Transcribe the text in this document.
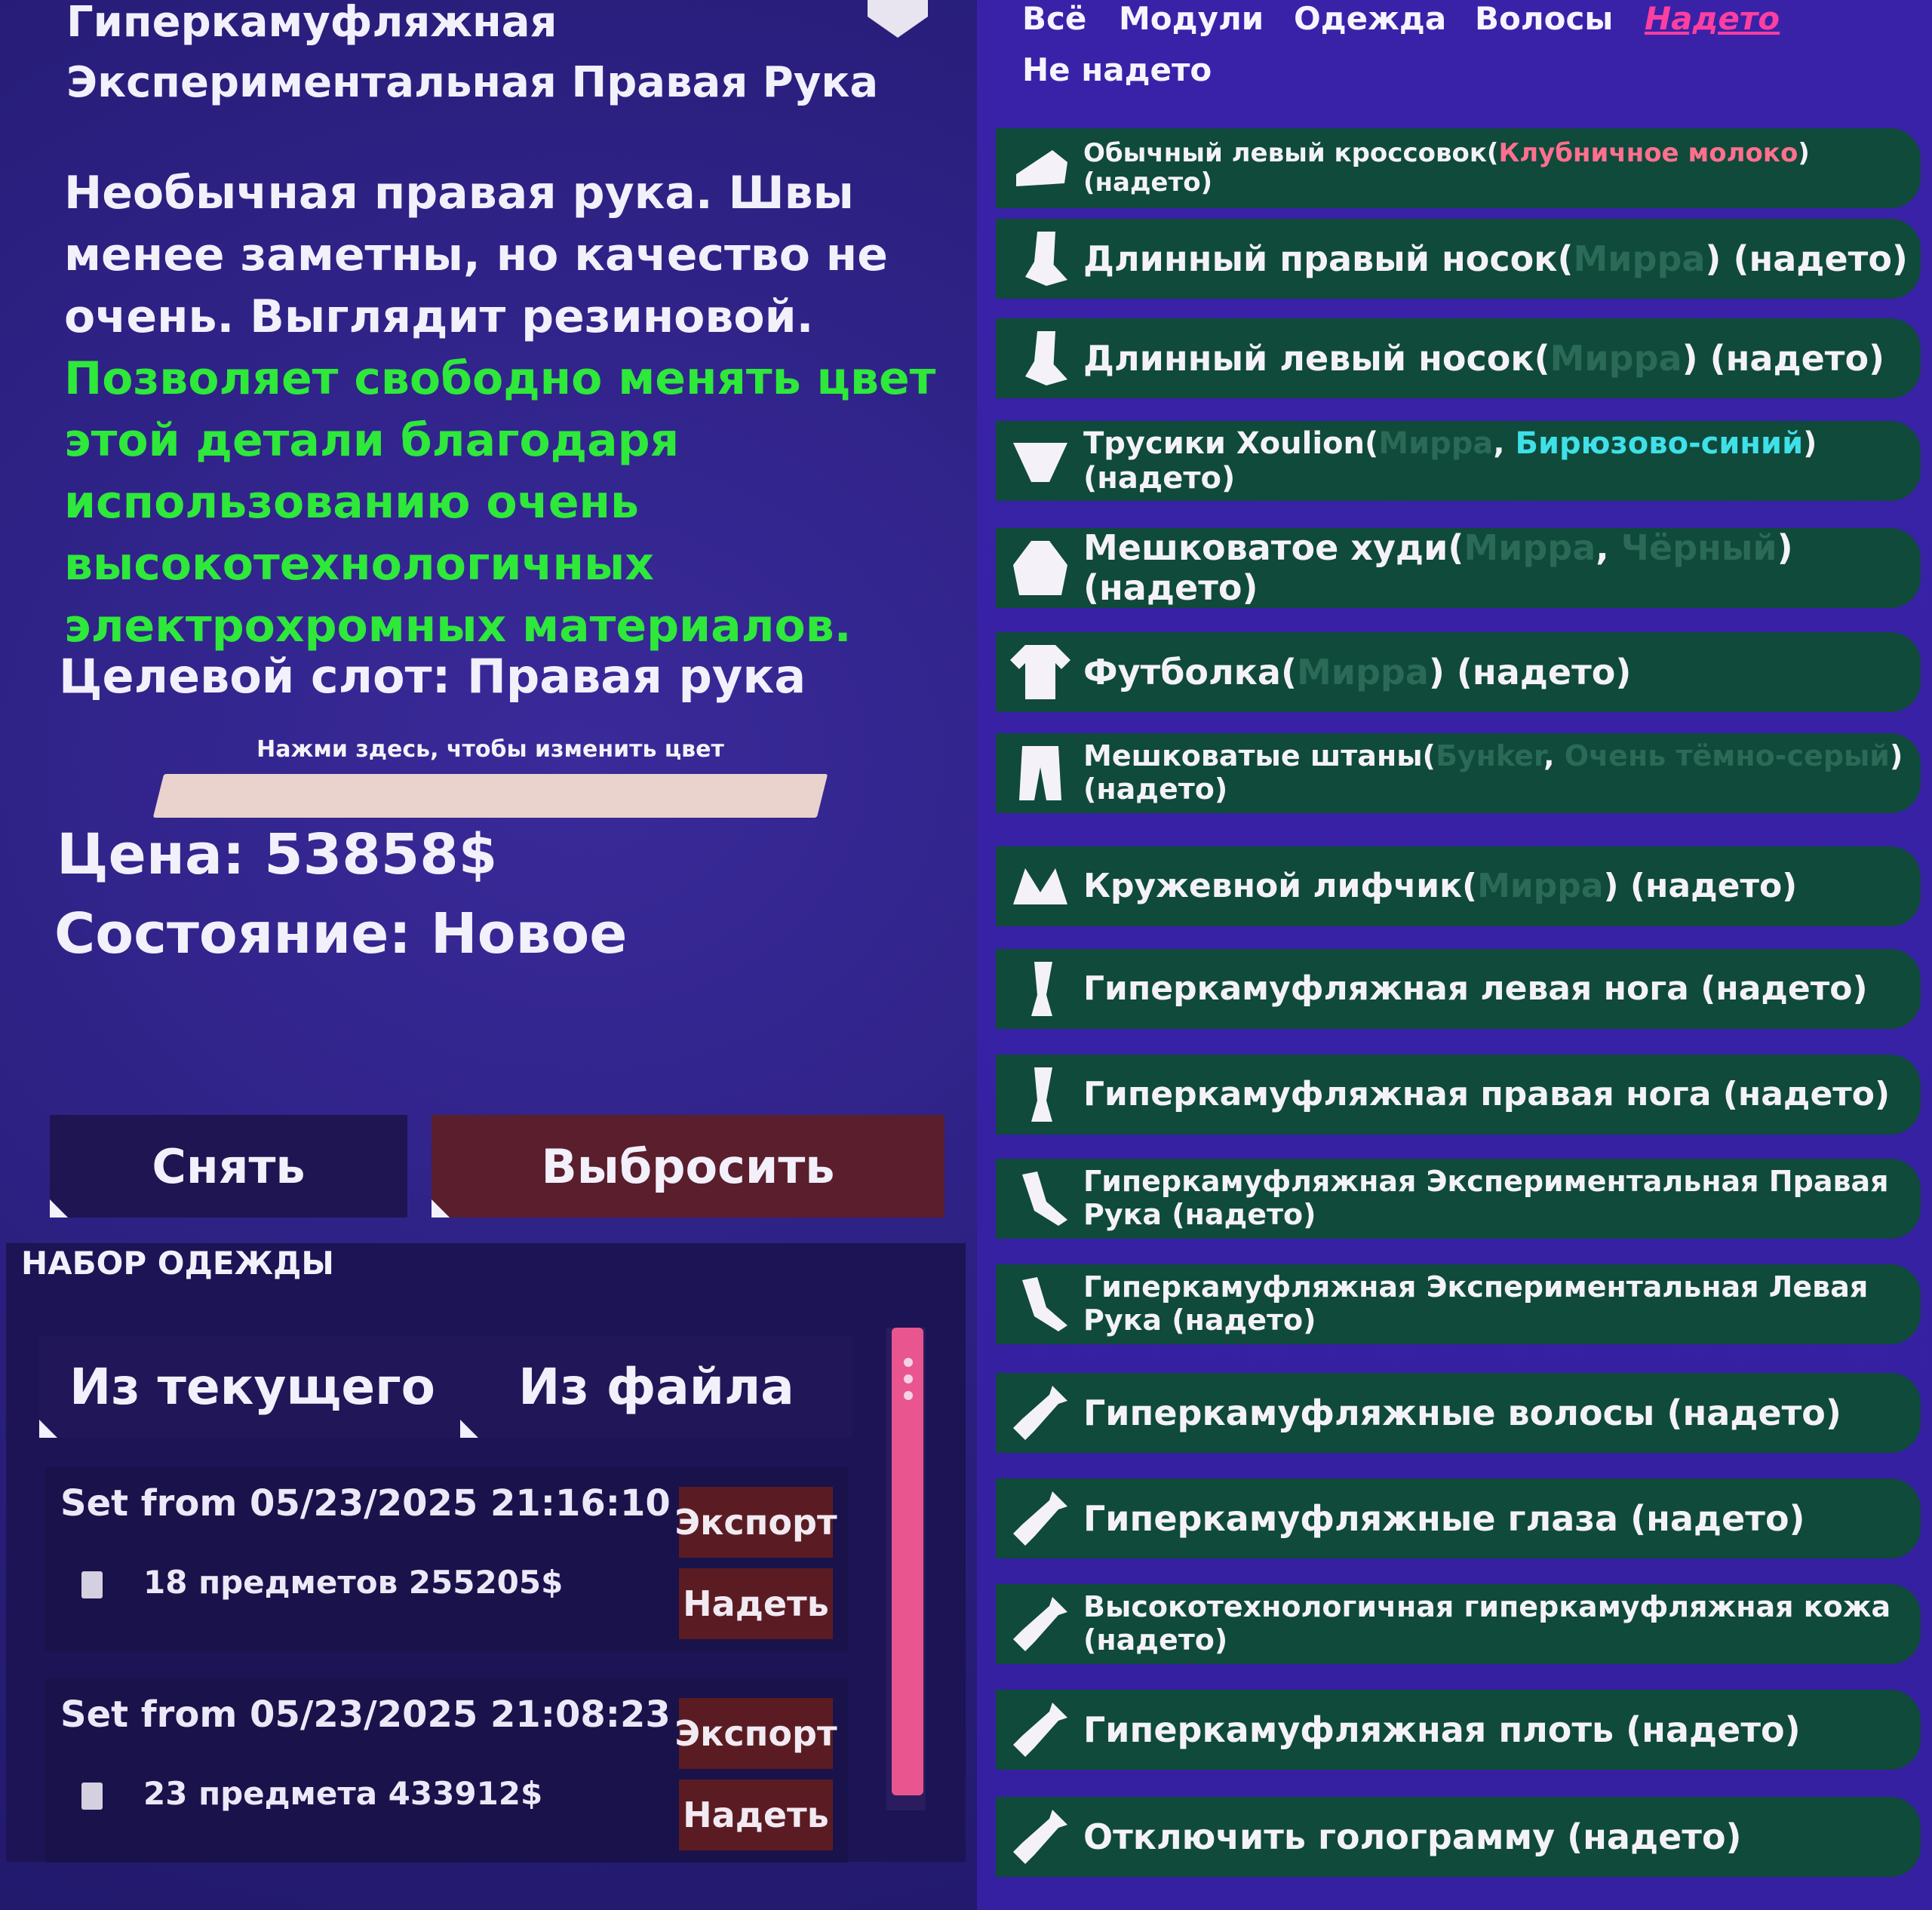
Гиперкамуфляжная Экспериментальная Правая Рука
Необычная правая рука. Швы менее заметны, но качество не очень. Выглядит резиновой. Позволяет свободно менять цвет этой детали благодаря использованию очень высокотехнологичных электрохромных материалов.
Целевой слот: Правая рука
Нажми здесь, чтобы изменить цвет
Цена: 53858$
Состояние: Новое
Снять	Выбросить
НАБОР ОДЕЖДЫ
Из текущего Из файла
Set from 05/23/2025 21:16:10
18 предметов 255205$
Экспорт
Надеть
Set from 05/23/2025 21:08:23
23 предмета 433912$
Экспорт
Надеть
Всё Модули Одежда Волосы Надето
Не надето
Обычный левый кроссовок(Клубничное молоко) (надето)
Длинный правый носок(Мирра) (надето)
Длинный левый носок(Мирра) (надето)
Трусики Xoulion(Мирра, Бирюзово-синий) (надето)
Мешковатое худи(Мирра, Чёрный) (надето)
Футболка(Мирра) (надето)
Мешковатые штаны(Бунker, Очень тёмно-серый) (надето)
Кружевной лифчик(Мирра) (надето)
Гиперкамуфляжная левая нога (надето)
Гиперкамуфляжная правая нога (надето)
Гиперкамуфляжная Экспериментальная Правая Рука (надето)
Гиперкамуфляжная Экспериментальная Левая Рука (надето)
Гиперкамуфляжные волосы (надето)
Гиперкамуфляжные глаза (надето)
Высокотехнологичная гиперкамуфляжная кожа (надето)
Гиперкамуфляжная плоть (надето)
Отключить голограмму (надето)
